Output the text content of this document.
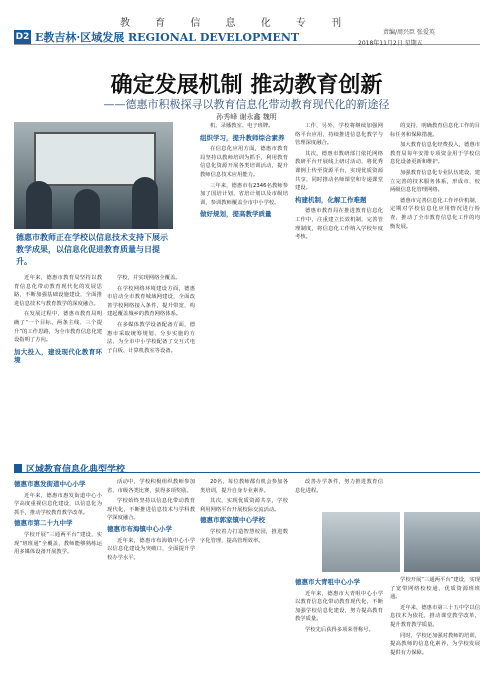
教 育 信 息 化 专 刊
D2 E教吉林·区域发展 REGIONAL DEVELOPMENT	责编/周兴臣 张爱英
2018年11月2日 星期五
确定发展机制 推动教育创新
——德惠市积极探寻以教育信息化带动教育现代化的新途径
孙秀峰 谢永鑫 魏明
德惠市教师正在学校以信息技术支持下展示教学成果，以信息化促进教育质量与日提升。

近年来，德惠市教育局坚持以教育信息化带动教育现代化的发展思路，不断加强基础设施建设，全面推进信息技术与教育教学的深度融合。

在发展过程中，德惠市教育局明确了“一个目标、两条主线、三个提升”的工作思路，为全市教育信息化建设指明了方向。

加大投入，建设现代化教育环境

学校，并实现网络全覆盖。

在学校网络环境建设方面，德惠市启动全市教育城域网建设，全面改善学校网络接入条件，提升带宽，构建起覆盖城乡的教育网络体系。

在多媒体教学设备配备方面，德惠市采取统筹规划、分步实施的方法，为全市中小学校配备了交互式电子白板、计算机教室等设备。

机、录播教室、电子班牌。

组织学习，提升教师综合素养

在信息化应用方面，德惠市教育局坚持以教师培训为抓手，利用教育信息化资源开展各类培训活动，提升教师信息技术应用能力。

三年来，德惠市有2346名教师参加了国培计划、省培计划以及市级培训，参训教师覆盖全市中小学校。

做好规划，提高教学质量

工作，另外，学校将继续加强网络平台应用，持续推进信息化教学与管理深度融合。

其次，德惠市教研部门依托网络教研平台开展线上研讨活动，将优秀课例上传至资源平台，实现优质资源共享，同时推动名师课堂和专递课堂建设。

构建机制，化解工作难题

德惠市教育局在推进教育信息化工作中，注重建立长效机制，完善管理制度，将信息化工作纳入学校年度考核。

的支持，明确教育信息化工作的目标任务和保障措施。

加大教育信息化经费投入，德惠市教育局每年安排专项资金用于学校信息化设备更新和维护。

加强教育信息化专业队伍建设，建立完善的技术服务体系，形成市、校两级信息化管理网络。

德惠市完善信息化工作评价机制，定期对学校信息化应用情况进行检查，推动了全市教育信息化工作的均衡发展。

区域教育信息化典型学校
德惠市惠发街道中心小学

近年来，德惠市惠发街道中心小学高度重视信息化建设，以信息化为抓手，推动学校教育教学改革。

德惠市第二十九中学

学校开展“三通两平台”建设，实现“班班通”全覆盖，教师能够熟练运用多媒体设备开展教学。

活动中，学校积极组织教师参加省、市级各类比赛，获得多项奖励。

学校始终坚持以信息化带动教育现代化，不断推进信息技术与学科教学深度融合。

德惠市布海镇中心小学

近年来，德惠市布海镇中心小学以信息化建设为突破口，全面提升学校办学水平。

20名，每位教师都有机会参加各类培训，提升自身专业素养。

其次，实现优质资源共享，学校利用网络平台开展校际交流活动。

德惠市郭家镇中心学校

学校着力打造智慧校园，推进数字化管理，提高管理效率。

改善办学条件，努力推进教育信息化进程。

德惠市大青咀中心小学

近年来，德惠市大青咀中心小学以教育信息化带动教育现代化，不断加强学校信息化建设，努力提高教育教学质量。

学校先后获得多项荣誉称号。

学校开展“三通两平台”建设，实现了宽带网络校校通、优质资源班班通。

近年来，德惠市第三十五中学以信息技术为依托，推动课堂教学改革，提升教育教学质量。

同时，学校还加强对教师的培训，提高教师的信息化素养，为学校发展提供有力保障。
